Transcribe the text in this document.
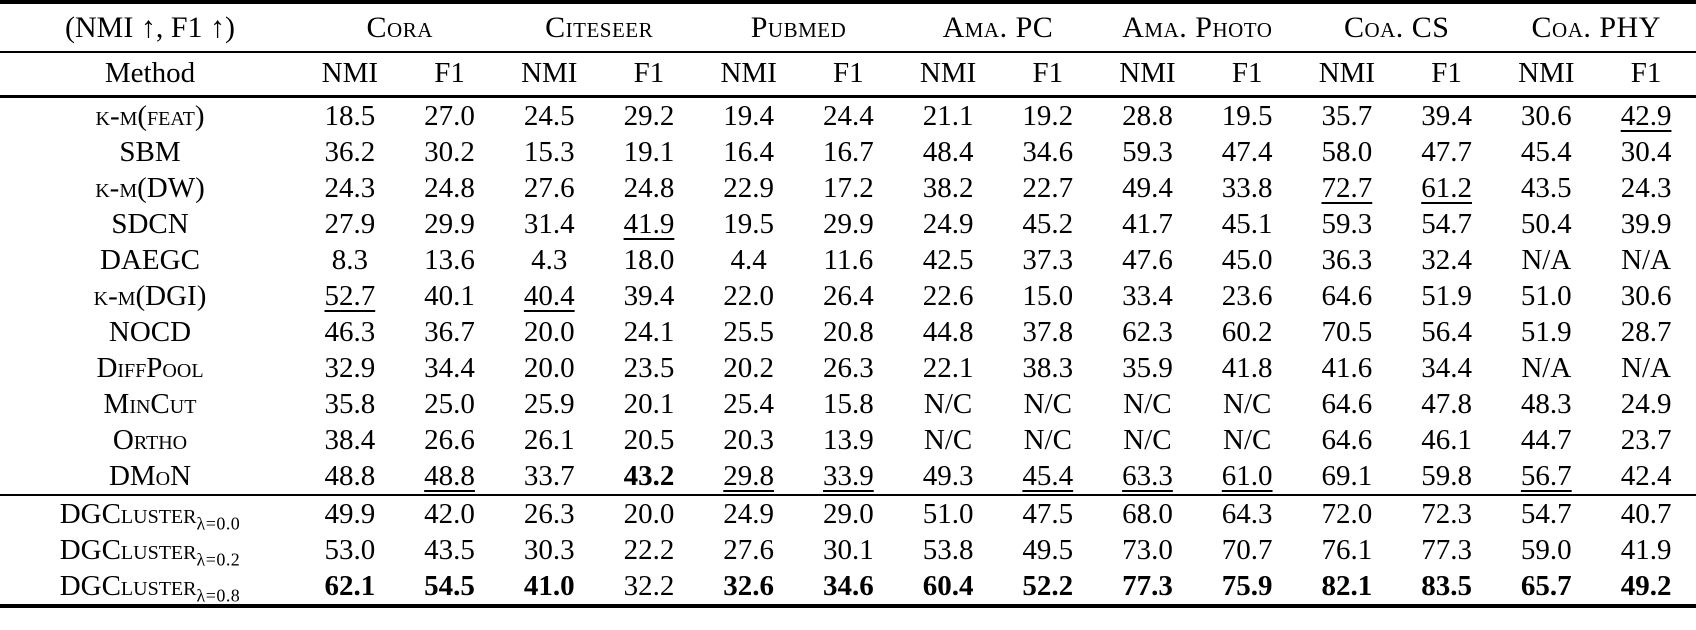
(NMI ↑, F1 ↑)	Cora		Citeseer		Pubmed		Ama. PC		Ama. Photo		Coa. CS		Coa. PHY	
Method	NMI	F1	NMI	F1	NMI	F1	NMI	F1	NMI	F1	NMI	F1	NMI	F1
k-m(feat)	18.5	27.0	24.5	29.2	19.4	24.4	21.1	19.2	28.8	19.5	35.7	39.4	30.6	42.9
SBM	36.2	30.2	15.3	19.1	16.4	16.7	48.4	34.6	59.3	47.4	58.0	47.7	45.4	30.4
k-m(DW)	24.3	24.8	27.6	24.8	22.9	17.2	38.2	22.7	49.4	33.8	72.7	61.2	43.5	24.3
SDCN	27.9	29.9	31.4	41.9	19.5	29.9	24.9	45.2	41.7	45.1	59.3	54.7	50.4	39.9
DAEGC	8.3	13.6	4.3	18.0	4.4	11.6	42.5	37.3	47.6	45.0	36.3	32.4	N/A	N/A
k-m(DGI)	52.7	40.1	40.4	39.4	22.0	26.4	22.6	15.0	33.4	23.6	64.6	51.9	51.0	30.6
NOCD	46.3	36.7	20.0	24.1	25.5	20.8	44.8	37.8	62.3	60.2	70.5	56.4	51.9	28.7
DiffPool	32.9	34.4	20.0	23.5	20.2	26.3	22.1	38.3	35.9	41.8	41.6	34.4	N/A	N/A
MinCut	35.8	25.0	25.9	20.1	25.4	15.8	N/C	N/C	N/C	N/C	64.6	47.8	48.3	24.9
Ortho	38.4	26.6	26.1	20.5	20.3	13.9	N/C	N/C	N/C	N/C	64.6	46.1	44.7	23.7
DMoN	48.8	48.8	33.7	43.2	29.8	33.9	49.3	45.4	63.3	61.0	69.1	59.8	56.7	42.4
DGCluster$_{\lambda=0.0}$	49.9	42.0	26.3	20.0	24.9	29.0	51.0	47.5	68.0	64.3	72.0	72.3	54.7	40.7
DGCluster$_{\lambda=0.2}$	53.0	43.5	30.3	22.2	27.6	30.1	53.8	49.5	73.0	70.7	76.1	77.3	59.0	41.9
DGCluster$_{\lambda=0.8}$	62.1	54.5	41.0	32.2	32.6	34.6	60.4	52.2	77.3	75.9	82.1	83.5	65.7	49.2
